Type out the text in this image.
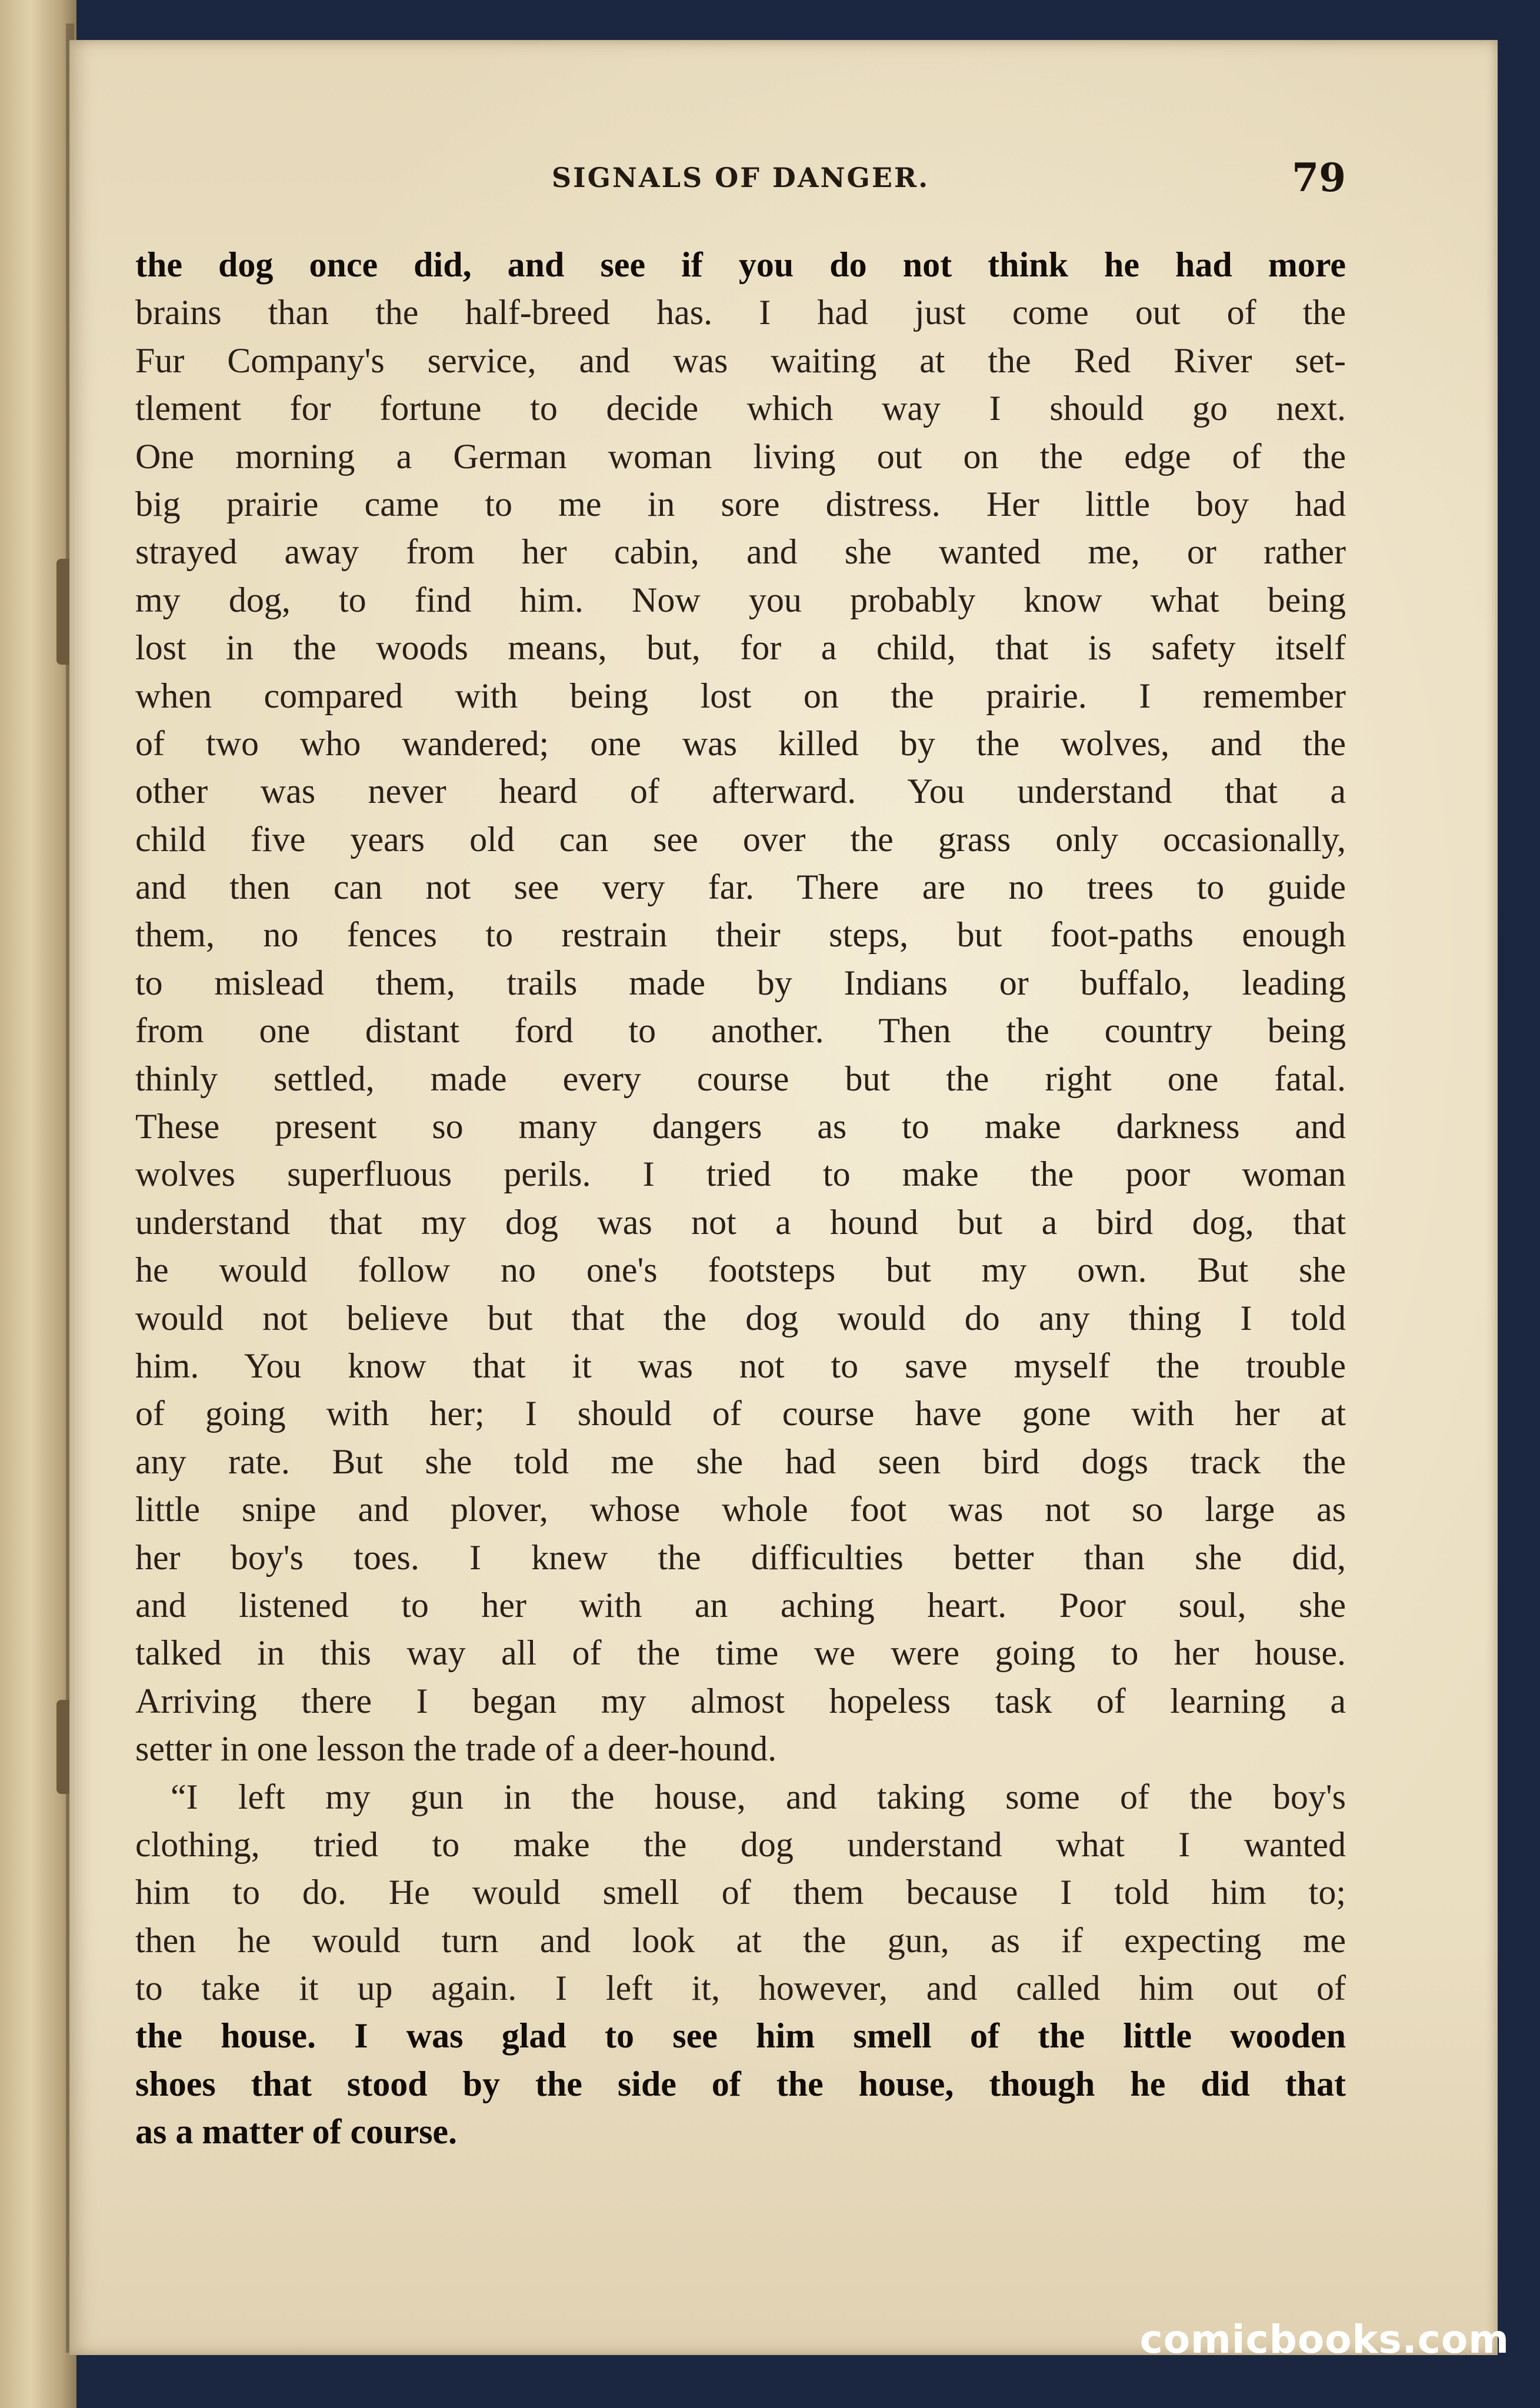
SIGNALS OF DANGER.	79
the dog once did, and see if you do not think he had more
brains than the half-breed has. I had just come out of the
Fur Company's service, and was waiting at the Red River set-
tlement for fortune to decide which way I should go next.
One morning a German woman living out on the edge of the
big prairie came to me in sore distress. Her little boy had
strayed away from her cabin, and she wanted me, or rather
my dog, to find him. Now you probably know what being
lost in the woods means, but, for a child, that is safety itself
when compared with being lost on the prairie. I remember
of two who wandered; one was killed by the wolves, and the
other was never heard of afterward. You understand that a
child five years old can see over the grass only occasionally,
and then can not see very far. There are no trees to guide
them, no fences to restrain their steps, but foot-paths enough
to mislead them, trails made by Indians or buffalo, leading
from one distant ford to another. Then the country being
thinly settled, made every course but the right one fatal.
These present so many dangers as to make darkness and
wolves superfluous perils. I tried to make the poor woman
understand that my dog was not a hound but a bird dog, that
he would follow no one's footsteps but my own. But she
would not believe but that the dog would do any thing I told
him. You know that it was not to save myself the trouble
of going with her; I should of course have gone with her at
any rate. But she told me she had seen bird dogs track the
little snipe and plover, whose whole foot was not so large as
her boy's toes. I knew the difficulties better than she did,
and listened to her with an aching heart. Poor soul, she
talked in this way all of the time we were going to her house.
Arriving there I began my almost hopeless task of learning a
setter in one lesson the trade of a deer-hound.
“I left my gun in the house, and taking some of the boy's
clothing, tried to make the dog understand what I wanted
him to do. He would smell of them because I told him to;
then he would turn and look at the gun, as if expecting me
to take it up again. I left it, however, and called him out of
the house. I was glad to see him smell of the little wooden
shoes that stood by the side of the house, though he did that
as a matter of course.
comicbooks.com
